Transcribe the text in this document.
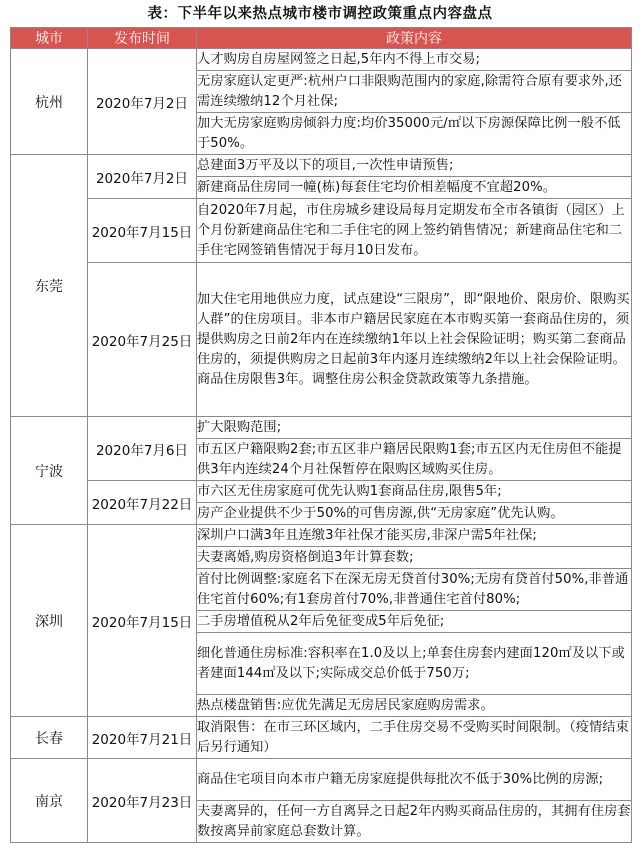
表：下半年以来热点城市楼市调控政策重点内容盘点
城市	发布时间	政策内容
杭州	2020年7月2日	人才购房自房屋网签之日起,5年内不得上市交易;
		无房家庭认定更严:杭州户口非限购范围内的家庭,除需符合原有要求外,还需连续缴纳12个月社保;
		加大无房家庭购房倾斜力度:均价35000元/㎡以下房源保障比例一般不低于50%。
东莞	2020年7月2日	总建面3万平及以下的项目,一次性申请预售;
		新建商品住房同一幢(栋)每套住宅均价相差幅度不宜超20%。
	2020年7月15日	自2020年7月起，市住房城乡建设局每月定期发布全市各镇街（园区）上个月份新建商品住宅和二手住宅的网上签约销售情况；新建商品住宅和二手住宅网签销售情况于每月10日发布。
	2020年7月25日	加大住宅用地供应力度，试点建设“三限房”，即“限地价、限房价、限购买人群”的住房项目。非本市户籍居民家庭在本市购买第一套商品住房的，须提供购房之日前2年内在连续缴纳1年以上社会保险证明；购买第二套商品住房的，须提供购房之日起前3年内逐月连续缴纳2年以上社会保险证明。商品住房限售3年。调整住房公积金贷款政策等九条措施。
宁波	2020年7月6日	扩大限购范围;
		市五区户籍限购2套;市五区非户籍居民限购1套;市五区内无住房但不能提供3年内连续24个月社保暂停在限购区域购买住房。
	2020年7月22日	市六区无住房家庭可优先认购1套商品住房,限售5年;
		房产企业提供不少于50%的可售房源,供“无房家庭”优先认购。
深圳	2020年7月15日	深圳户口满3年且连缴3年社保才能买房,非深户需5年社保;
		夫妻离婚,购房资格倒追3年计算套数;
		首付比例调整:家庭名下在深无房无贷首付30%;无房有贷首付50%,非普通住宅首付60%;有1套房首付70%,非普通住宅首付80%;
		二手房增值税从2年后免征变成5年后免征;
		细化普通住房标准:容积率在1.0及以上;单套住房套内建面120㎡及以下或者建面144㎡及以下;实际成交总价低于750万;
		热点楼盘销售:应优先满足无房居民家庭购房需求。
长春	2020年7月21日	取消限售：在市三环区域内，二手住房交易不受购买时间限制。（疫情结束后另行通知）
南京	2020年7月23日	商品住宅项目向本市户籍无房家庭提供每批次不低于30%比例的房源;
		夫妻离异的，任何一方自离异之日起2年内购买商品住房的，其拥有住房套数按离异前家庭总套数计算。
